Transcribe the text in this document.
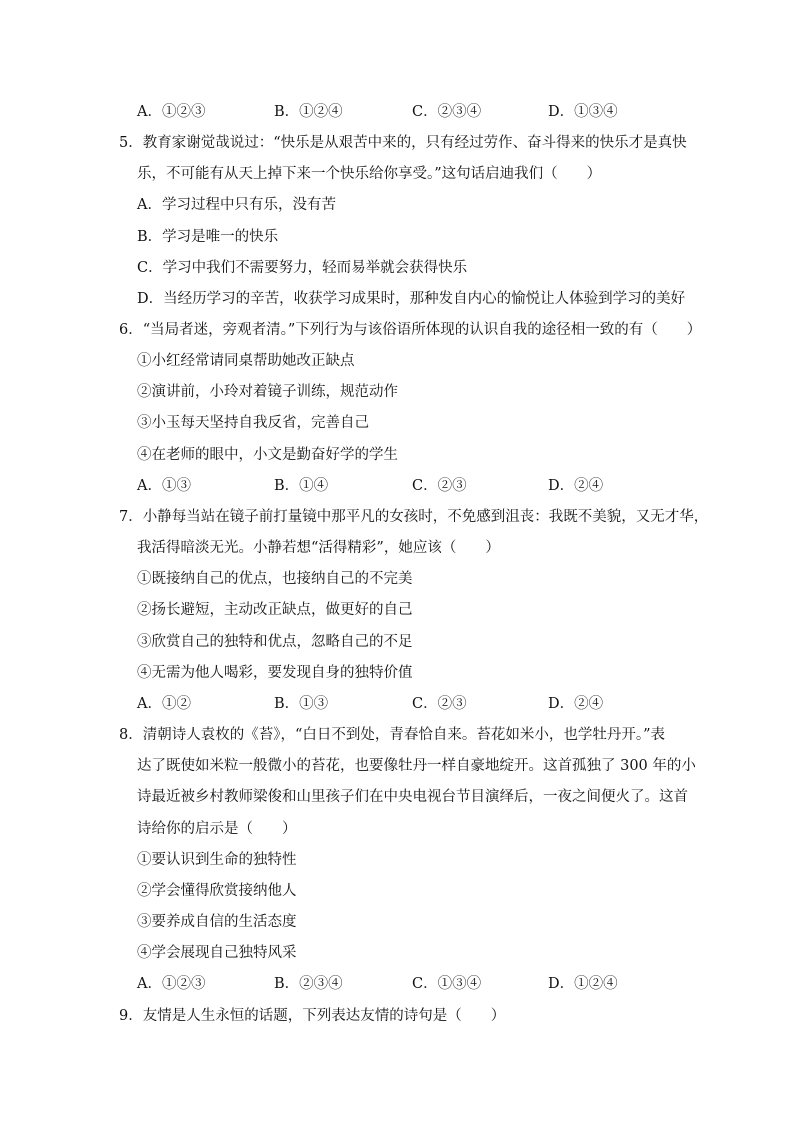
A．①②③	B．①②④	C．②③④	D．①③④
5．教育家谢觉哉说过：“快乐是从艰苦中来的，只有经过劳作、奋斗得来的快乐才是真快
乐，不可能有从天上掉下来一个快乐给你享受。”这句话启迪我们（　　）
A．学习过程中只有乐，没有苦
B．学习是唯一的快乐
C．学习中我们不需要努力，轻而易举就会获得快乐
D．当经历学习的辛苦，收获学习成果时，那种发自内心的愉悦让人体验到学习的美好
6．“当局者迷，旁观者清。”下列行为与该俗语所体现的认识自我的途径相一致的有（　　）
①小红经常请同桌帮助她改正缺点
②演讲前，小玲对着镜子训练，规范动作
③小玉每天坚持自我反省，完善自己
④在老师的眼中，小文是勤奋好学的学生
A．①③	B．①④	C．②③	D．②④
7．小静每当站在镜子前打量镜中那平凡的女孩时，不免感到沮丧：我既不美貌，又无才华，
我活得暗淡无光。小静若想“活得精彩”，她应该（　　）
①既接纳自己的优点，也接纳自己的不完美
②扬长避短，主动改正缺点，做更好的自己
③欣赏自己的独特和优点，忽略自己的不足
④无需为他人喝彩，要发现自身的独特价值
A．①②	B．①③	C．②③	D．②④
8．清朝诗人袁枚的《苔》，“白日不到处，青春恰自来。苔花如米小，也学牡丹开。”表
达了既使如米粒一般微小的苔花，也要像牡丹一样自豪地绽开。这首孤独了 300 年的小
诗最近被乡村教师梁俊和山里孩子们在中央电视台节目演绎后，一夜之间便火了。这首
诗给你的启示是（　　）
①要认识到生命的独特性
②学会懂得欣赏接纳他人
③要养成自信的生活态度
④学会展现自己独特风采
A．①②③	B．②③④	C．①③④	D．①②④
9．友情是人生永恒的话题，下列表达友情的诗句是（　　）
